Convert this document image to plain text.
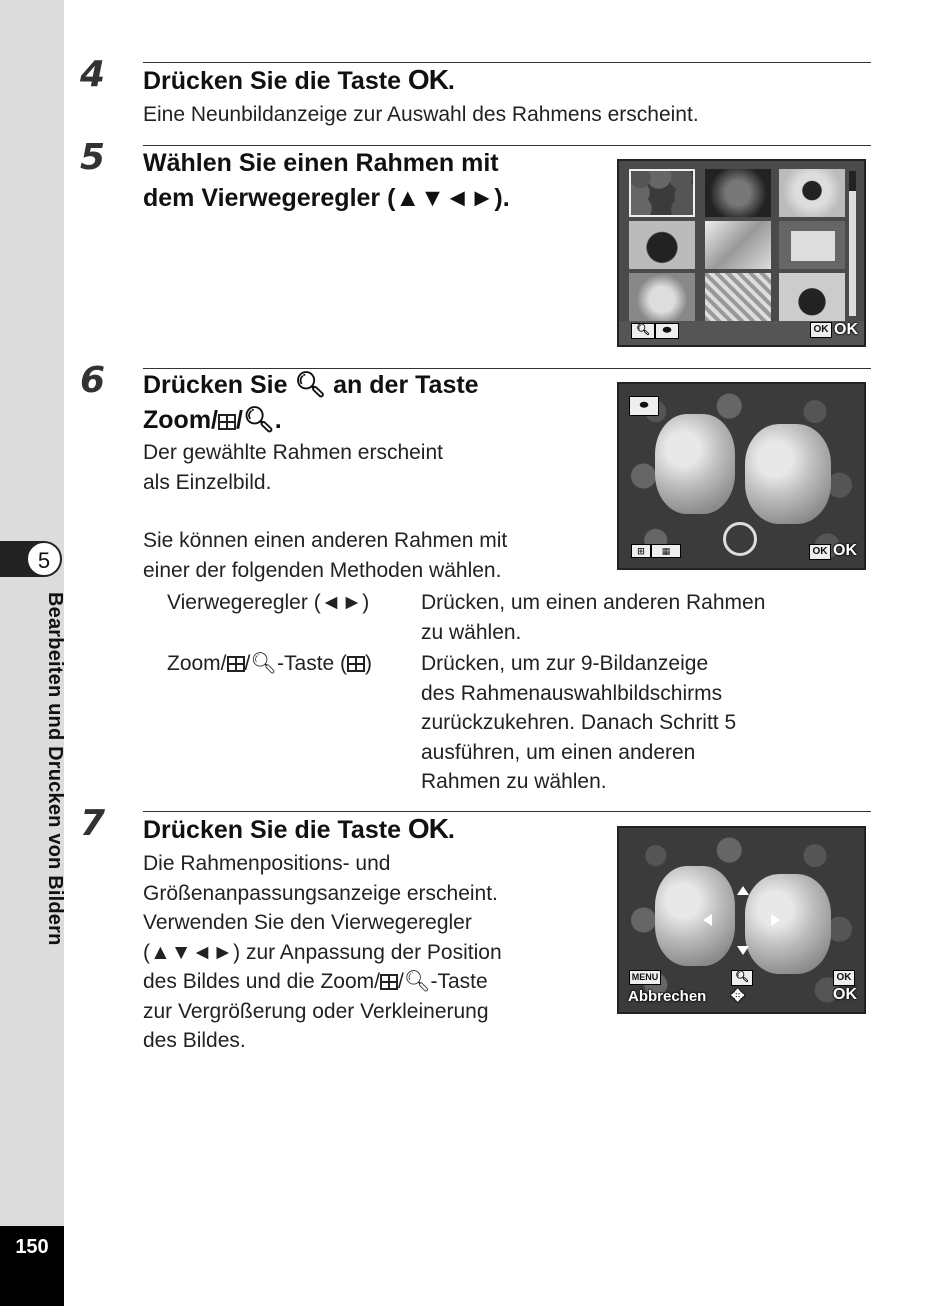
5
Bearbeiten und Drucken von Bildern
150
4 Drücken Sie die Taste OK.
Eine Neunbildanzeige zur Auswahl des Rahmens erscheint.
5 Wählen Sie einen Rahmen mit
dem Vierwegeregler (▲▼◄►).
🔍︎	⬬	OK OK
6 Drücken Sie 🔍︎ an der Taste
Zoom/ /🔍︎.
Der gewählte Rahmen erscheint
als Einzelbild.
Sie können einen anderen Rahmen mit
einer der folgenden Methoden wählen.
⬬
⊞	▦	OK OK
Vierwegeregler (◄►) Drücken, um einen anderen Rahmen
zu wählen.
Zoom/ /🔍︎-Taste ( ) Drücken, um zur 9-Bildanzeige
des Rahmenauswahlbildschirms
zurückzukehren. Danach Schritt 5
ausführen, um einen anderen
Rahmen zu wählen.
7 Drücken Sie die Taste OK.
Die Rahmenpositions- und
Größenanpassungsanzeige erscheint.
Verwenden Sie den Vierwegeregler
(▲▼◄►) zur Anpassung der Position
des Bildes und die Zoom/ /🔍︎-Taste
zur Vergrößerung oder Verkleinerung
des Bildes.
MENU
Abbrechen
🔍︎
✥
OK
OK
